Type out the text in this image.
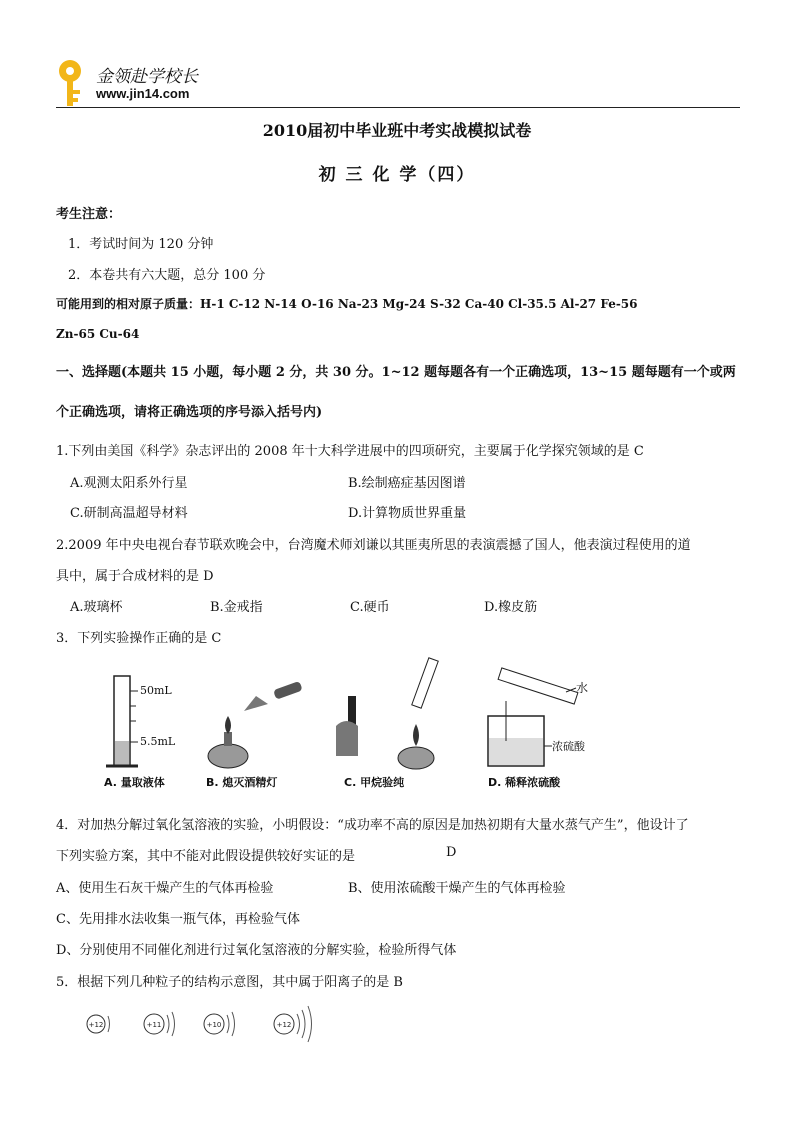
金领赴学校长
www.jin14.com
2010届初中毕业班中考实战模拟试卷
初 三 化 学（四）
考生注意：
1．考试时间为 120 分钟
2．本卷共有六大题，总分 100 分
可能用到的相对原子质量：H-1 C-12 N-14 O-16 Na-23 Mg-24 S-32 Ca-40 Cl-35.5 Al-27 Fe-56
Zn-65 Cu-64
一、选择题(本题共 15 小题，每小题 2 分，共 30 分。1~12 题每题各有一个正确选项，13~15 题每题有一个或两
个正确选项，请将正确选项的序号添入括号内)
1.下列由美国《科学》杂志评出的 2008 年十大科学进展中的四项研究，主要属于化学探究领域的是 C
A.观测太阳系外行星	B.绘制癌症基因图谱
C.研制高温超导材料	D.计算物质世界重量
2.2009 年中央电视台春节联欢晚会中，台湾魔术师刘谦以其匪夷所思的表演震撼了国人，他表演过程使用的道
具中，属于合成材料的是 D
A.玻璃杯	B.金戒指	C.硬币	D.橡皮筋
3．下列实验操作正确的是 C
50mL
5.5mL
A. 量取液体	B. 熄灭酒精灯	C. 甲烷验纯
水
浓硫酸
D. 稀释浓硫酸
4．对加热分解过氧化氢溶液的实验，小明假设：“成功率不高的原因是加热初期有大量水蒸气产生”，他设计了
下列实验方案，其中不能对此假设提供较好实证的是	D
A、使用生石灰干燥产生的气体再检验	B、使用浓硫酸干燥产生的气体再检验
C、先用排水法收集一瓶气体，再检验气体
D、分别使用不同催化剂进行过氧化氢溶液的分解实验，检验所得气体
5．根据下列几种粒子的结构示意图，其中属于阳离子的是 B
+12	+11	+10	+12
